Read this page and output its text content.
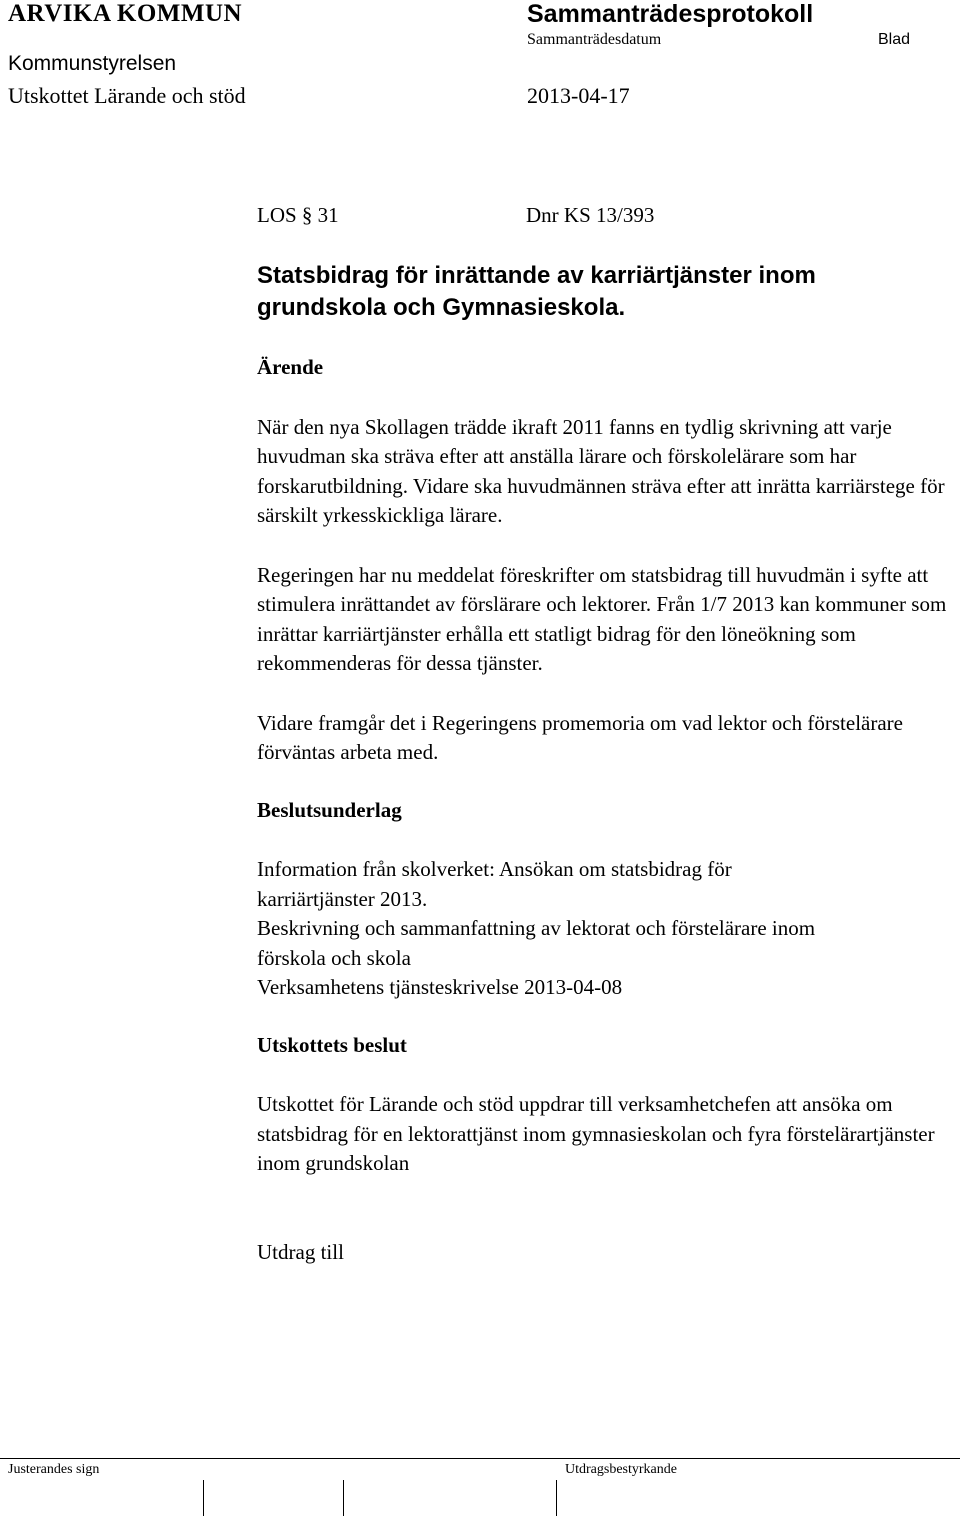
ARVIKA KOMMUN	Sammanträdesprotokoll
Sammanträdesdatum	Blad
Kommunstyrelsen
Utskottet Lärande och stöd	2013-04-17
LOS § 31	Dnr KS 13/393
Statsbidrag för inrättande av karriärtjänster inom
grundskola och Gymnasieskola.
Ärende

När den nya Skollagen trädde ikraft 2011 fanns en tydlig skrivning att varje huvudman ska sträva efter att anställa lärare och förskolelärare som har forskarutbildning. Vidare ska huvudmännen sträva efter att inrätta karriärstege för särskilt yrkesskickliga lärare.

Regeringen har nu meddelat föreskrifter om statsbidrag till huvudmän i syfte att stimulera inrättandet av förslärare och lektorer. Från 1/7 2013 kan kommuner som inrättar karriärtjänster erhålla ett statligt bidrag för den löneökning som rekommenderas för dessa tjänster.

Vidare framgår det i Regeringens promemoria om vad lektor och förstelärare förväntas arbeta med.

Beslutsunderlag
Information från skolverket: Ansökan om statsbidrag för
karriärtjänster 2013.
Beskrivning och sammanfattning av lektorat och förstelärare inom
förskola och skola
Verksamhetens tjänsteskrivelse 2013-04-08
Utskottets beslut

Utskottet för Lärande och stöd uppdrar till verksamhetchefen att ansöka om statsbidrag för en lektorattjänst inom gymnasieskolan och fyra förstelärartjänster inom grundskolan

Utdrag till
Justerandes sign	Utdragsbestyrkande
